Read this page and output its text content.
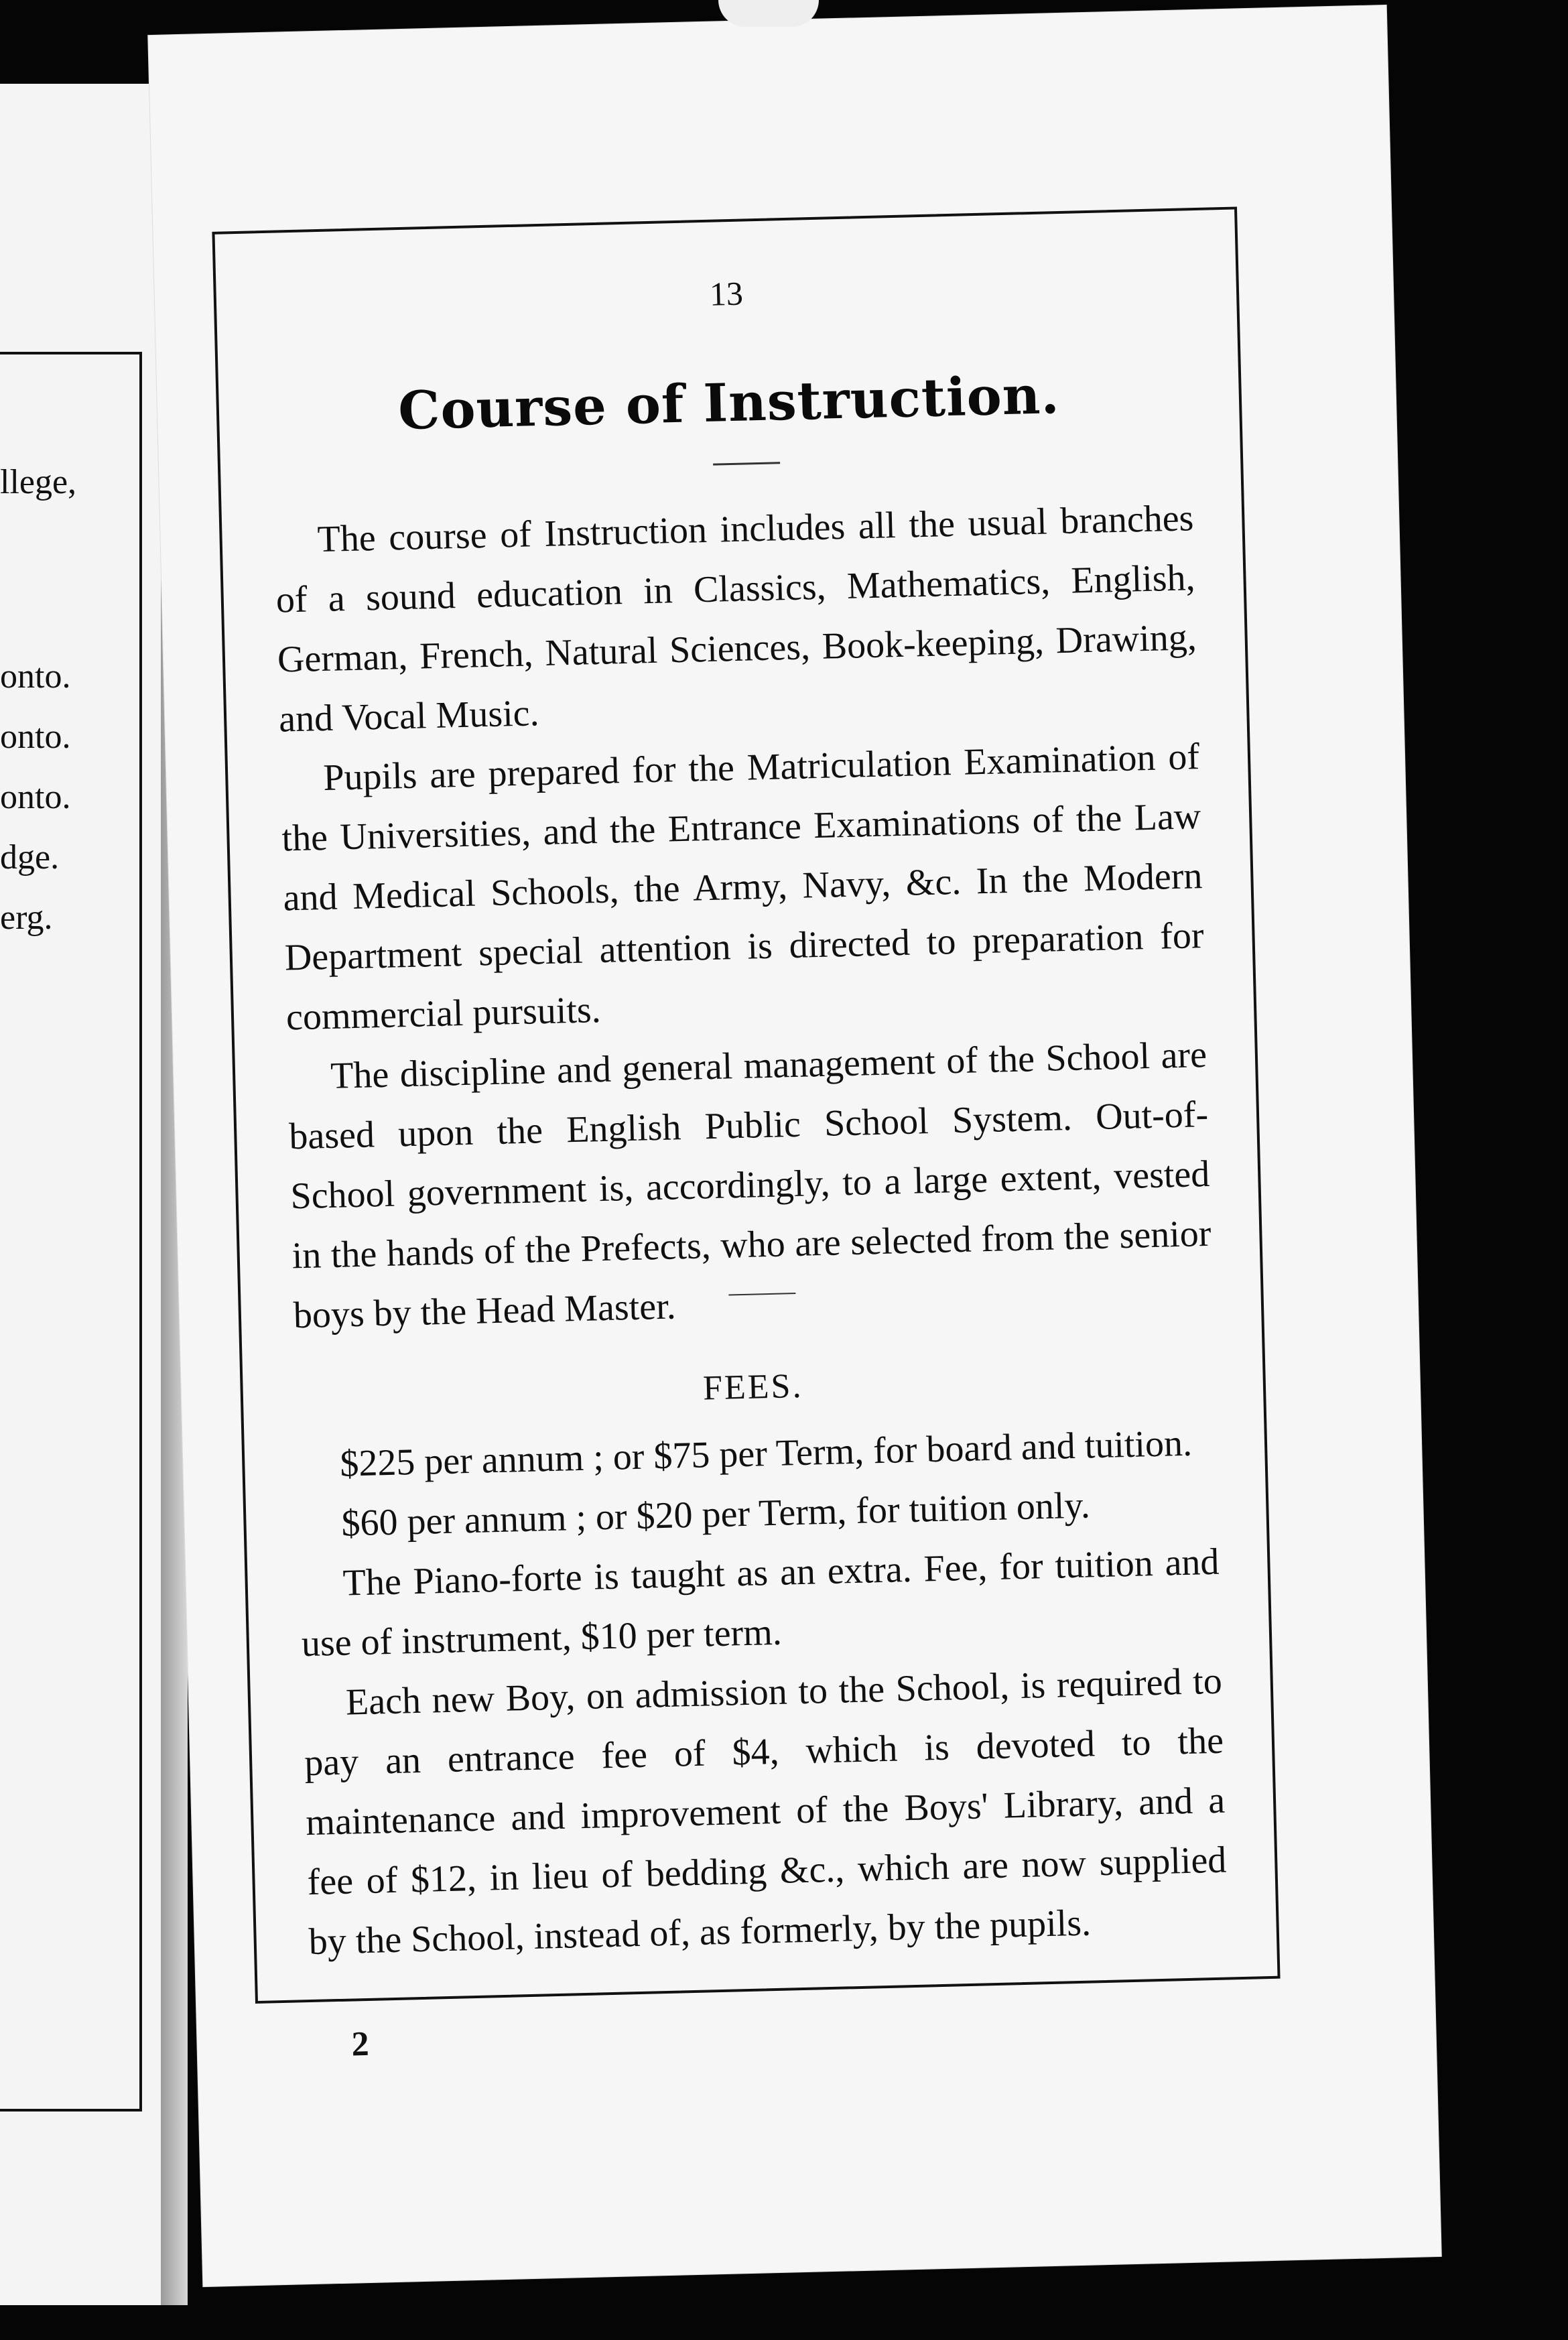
llege,
onto.
onto.
onto.
dge.
erg.
13
Course of Instruction.

The course of Instruction includes all the usual branches of a sound education in Classics, Mathematics, English, German, French, Natural Sciences, Book-keeping, Drawing, and Vocal Music.

Pupils are prepared for the Matriculation Examination of the Universities, and the Entrance Examinations of the Law and Medical Schools, the Army, Navy, &c. In the Modern Department special attention is directed to preparation for commercial pursuits.

The discipline and general management of the School are based upon the English Public School System. Out-of-School government is, accordingly, to a large extent, vested in the hands of the Prefects, who are selected from the senior boys by the Head Master.

FEES.

$225 per annum ; or $75 per Term, for board and tuition.

$60 per annum ; or $20 per Term, for tuition only.

The Piano-forte is taught as an extra. Fee, for tuition and use of instrument, $10 per term.

Each new Boy, on admission to the School, is required to pay an entrance fee of $4, which is devoted to the maintenance and improvement of the Boys' Library, and a fee of $12, in lieu of bedding &c., which are now supplied by the School, instead of, as formerly, by the pupils.

2
